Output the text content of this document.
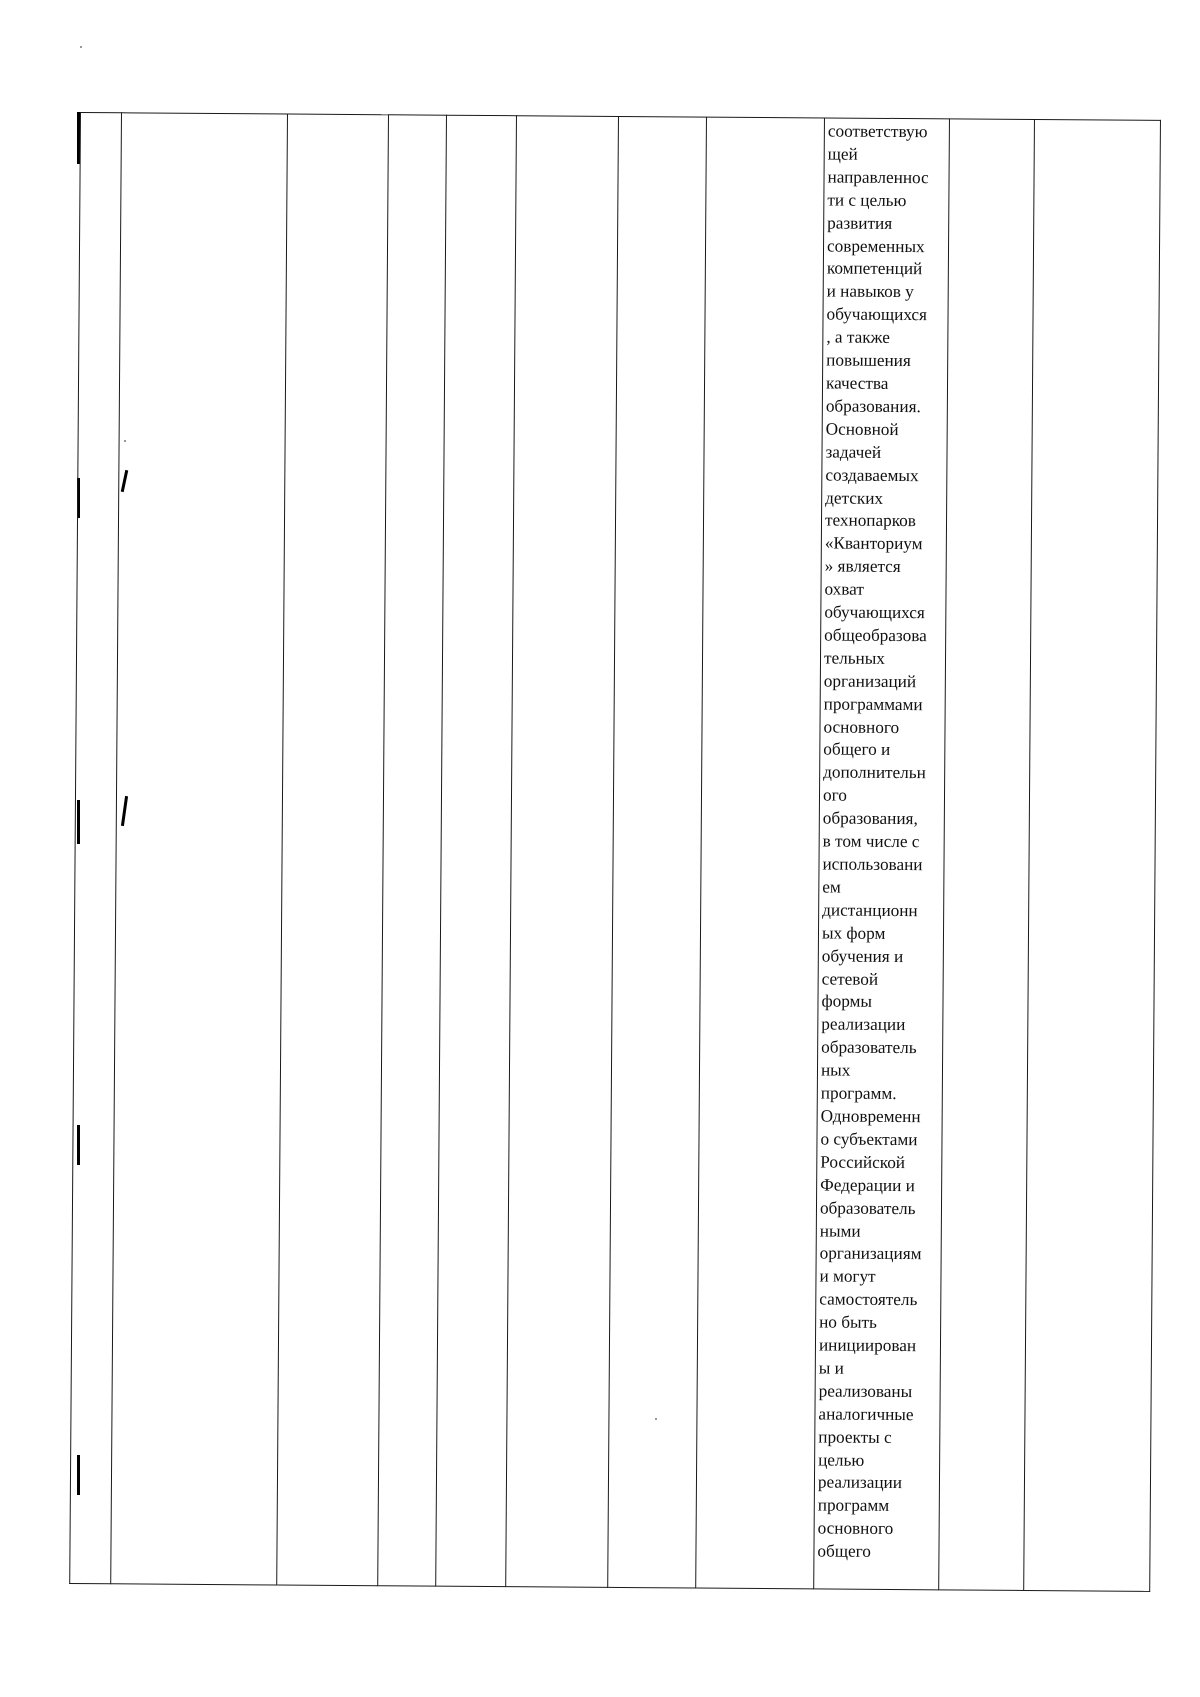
соответствую
щей
направленнос
ти с целью
развития
современных
компетенций
и навыков у
обучающихся
, а также
повышения
качества
образования.
Основной
задачей
создаваемых
детских
технопарков
«Кванториум
» является
охват
обучающихся
общеобразова
тельных
организаций
программами
основного
общего и
дополнительн
ого
образования,
в том числе с
использовани
ем
дистанционн
ых форм
обучения и
сетевой
формы
реализации
образователь
ных
программ.
Одновременн
о субъектами
Российской
Федерации и
образователь
ными
организациям
и могут
самостоятель
но быть
инициирован
ы и
реализованы
аналогичные
проекты с
целью
реализации
программ
основного
общего
